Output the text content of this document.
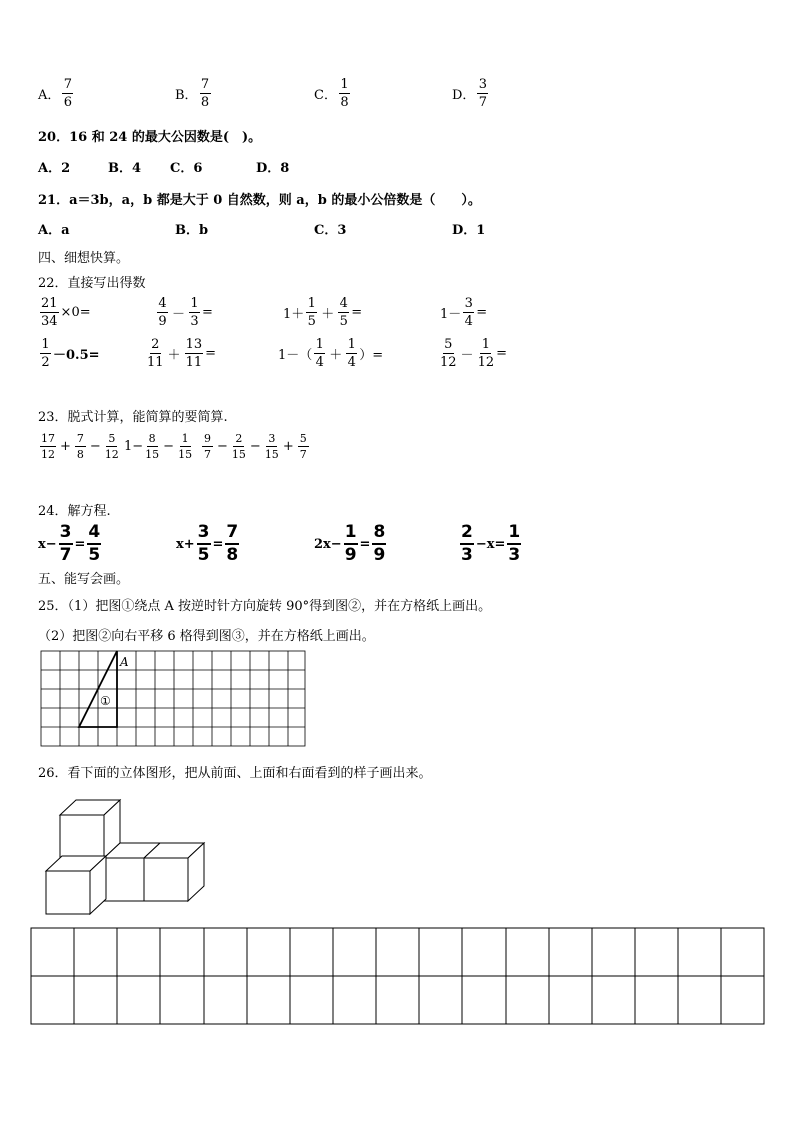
A． $\frac{7}{6}$	B． $\frac{7}{8}$	C． $\frac{1}{8}$	D． $\frac{3}{7}$
20．16 和 24 的最大公因数是(　)。
A．2	B．4 C．6	D．8
21．a＝3b，a，b 都是大于 0 自然数，则 a，b 的最小公倍数是（　　）。
A．a	B．b	C．3	D．1
四、细想快算。
22．直接写出得数
$\frac{21}{34} \times 0=$	$\frac{4}{9} - \frac{1}{3}$ =	$1+ \frac{1}{5} + \frac{4}{5}$ =	$1- \frac{3}{4}$ =
$\frac{1}{2} -0.5=$	$\frac{2}{11} + \frac{13}{11}$ =	$1-( \frac{1}{4} + \frac{1}{4}$ ）=	$\frac{5}{12} - \frac{1}{12}$ =
23．脱式计算，能简算的要简算.
$\frac{17}{12} + \frac{7}{8} - \frac{5}{12} 1- \frac{8}{15} - \frac{1}{15} \frac{9}{7} - \frac{2}{15} - \frac{3}{15} + \frac{5}{7}$
24．解方程.
$x- \frac{3}{7} = \frac{4}{5}$	$x+ \frac{3}{5} = \frac{7}{8}$	$2x- \frac{1}{9} = \frac{8}{9}$	$\frac{2}{3} -x= \frac{1}{3}$
五、能写会画。
25．（1）把图①绕点 A 按逆时针方向旋转 90°得到图②，并在方格纸上画出。
（2）把图②向右平移 6 格得到图③，并在方格纸上画出。
A
①
26．看下面的立体图形，把从前面、上面和右面看到的样子画出来。
